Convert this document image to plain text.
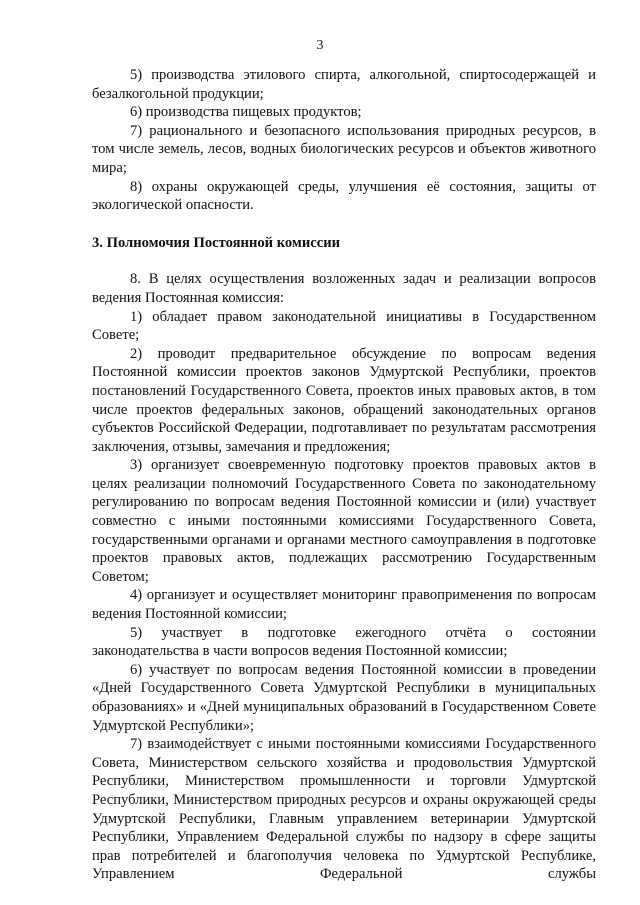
3

5) производства этилового спирта, алкогольной, спиртосодержащей и безалкогольной продукции;

6) производства пищевых продуктов;

7) рационального и безопасного использования природных ресурсов, в том числе земель, лесов, водных биологических ресурсов и объектов животного мира;

8) охраны окружающей среды, улучшения её состояния, защиты от экологической опасности.

3. Полномочия Постоянной комиссии

8. В целях осуществления возложенных задач и реализации вопросов ведения Постоянная комиссия:

1) обладает правом законодательной инициативы в Государственном Совете;

2) проводит предварительное обсуждение по вопросам ведения Постоянной комиссии проектов законов Удмуртской Республики, проектов постановлений Государственного Совета, проектов иных правовых актов, в том числе проектов федеральных законов, обращений законодательных органов субъектов Российской Федерации, подготавливает по результатам рассмотрения заключения, отзывы, замечания и предложения;

3) организует своевременную подготовку проектов правовых актов в целях реализации полномочий Государственного Совета по законодательному регулированию по вопросам ведения Постоянной комиссии и (или) участвует совместно с иными постоянными комиссиями Государственного Совета, государственными органами и органами местного самоуправления в подготовке проектов правовых актов, подлежащих рассмотрению Государственным Советом;

4) организует и осуществляет мониторинг правоприменения по вопросам ведения Постоянной комиссии;

5) участвует в подготовке ежегодного отчёта о состоянии законодательства в части вопросов ведения Постоянной комиссии;

6) участвует по вопросам ведения Постоянной комиссии в проведении «Дней Государственного Совета Удмуртской Республики в муниципальных образованиях» и «Дней муниципальных образований в Государственном Совете Удмуртской Республики»;

7) взаимодействует с иными постоянными комиссиями Государственного Совета, Министерством сельского хозяйства и продовольствия Удмуртской Республики, Министерством промышленности и торговли Удмуртской Республики, Министерством природных ресурсов и охраны окружающей среды Удмуртской Республики, Главным управлением ветеринарии Удмуртской Республики, Управлением Федеральной службы по надзору в сфере защиты прав потребителей и благополучия человека по Удмуртской Республике, Управлением Федеральной службы
